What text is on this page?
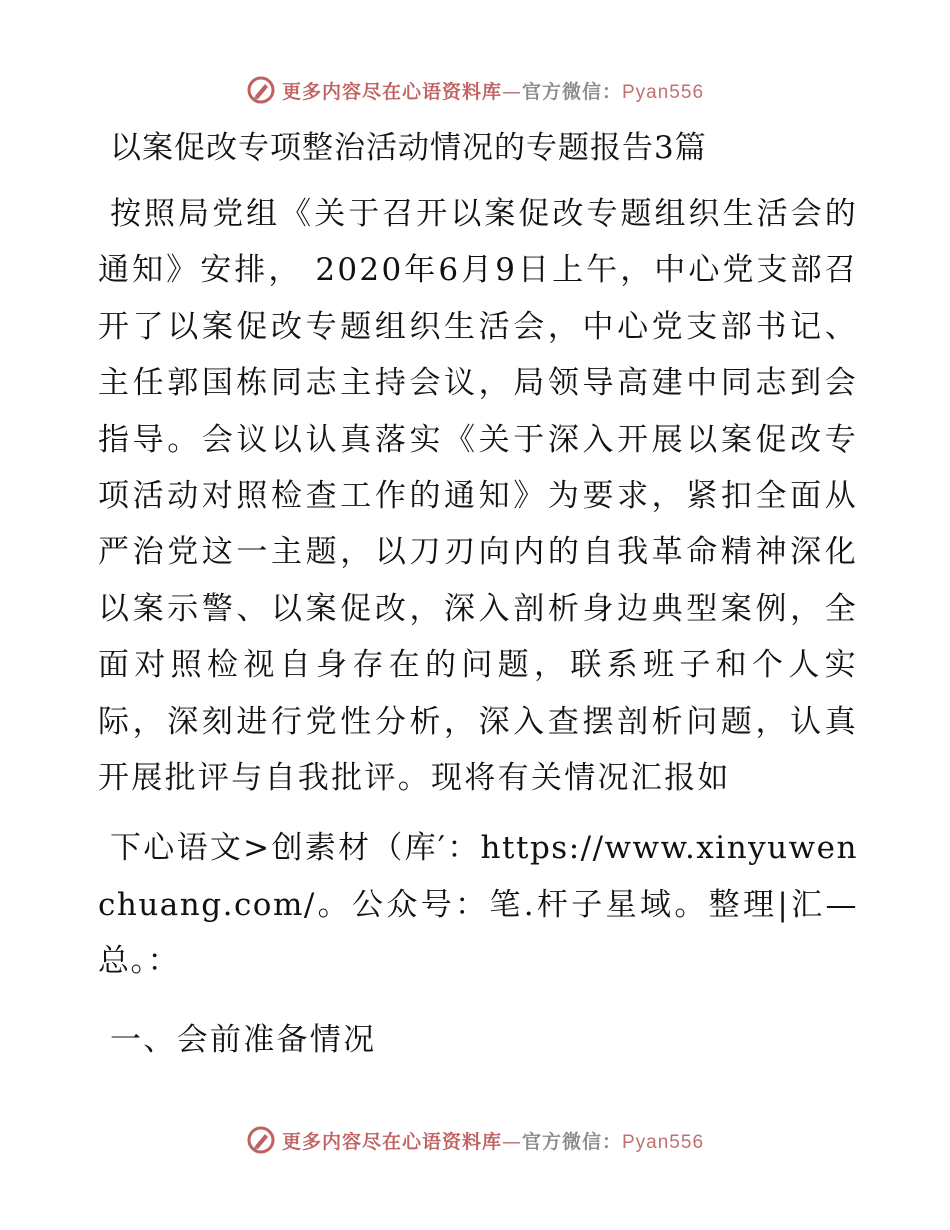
更多内容尽在心语资料库—官方微信：Pyan556
以案促改专项整治活动情况的专题报告3篇

按照局党组《关于召开以案促改专题组织生活会的通知》安排， 2020年6月9日上午，中心党支部召开了以案促改专题组织生活会，中心党支部书记、主任郭国栋同志主持会议，局领导高建中同志到会指导。会议以认真落实《关于深入开展以案促改专项活动对照检查工作的通知》为要求，紧扣全面从严治党这一主题，以刀刃向内的自我革命精神深化以案示警、以案促改，深入剖析身边典型案例，全面对照检视自身存在的问题，联系班子和个人实际，深刻进行党性分析，深入查摆剖析问题，认真开展批评与自我批评。现将有关情况汇报如

下心语文>创素材（库′：https://www.xinyuwenchuang.com/。公众号：笔.杆子星域。整理|汇—总。：

一、会前准备情况
更多内容尽在心语资料库—官方微信：Pyan556
